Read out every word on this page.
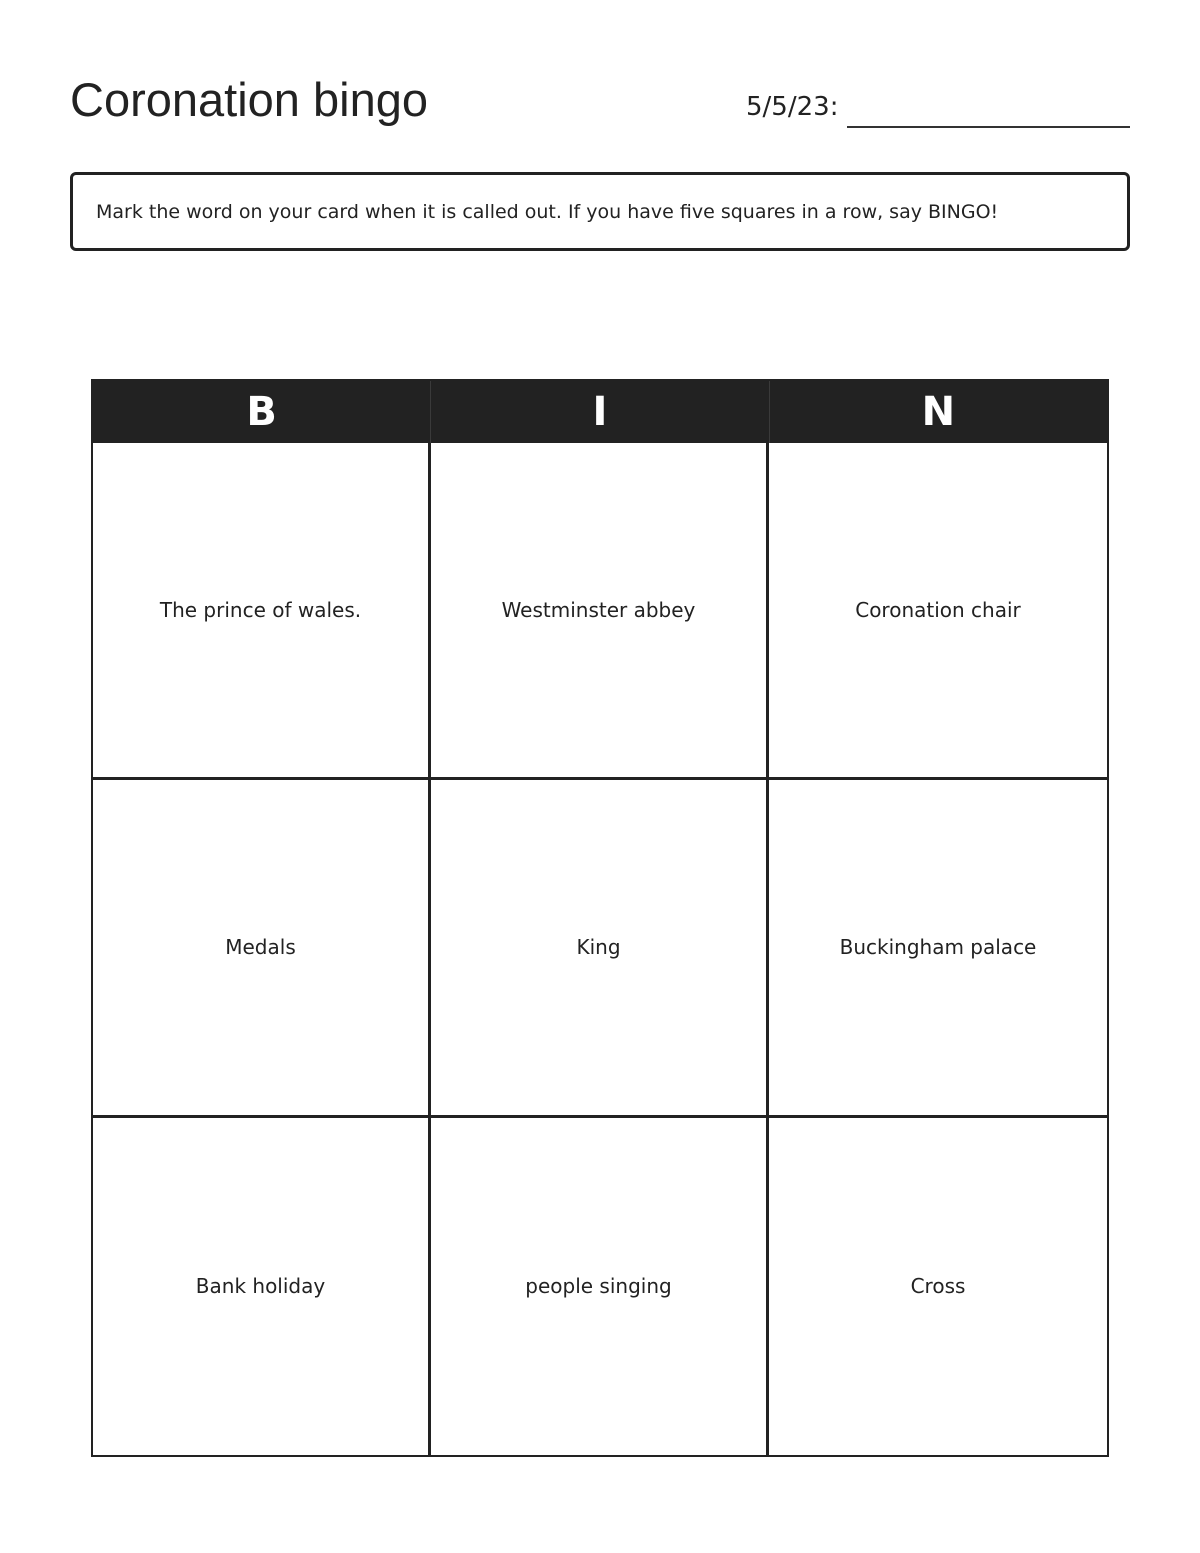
Coronation bingo	5/5/23:
Mark the word on your card when it is called out. If you have five squares in a row, say BINGO!
B	I	N
The prince of wales.	Westminster abbey	Coronation chair
Medals	King	Buckingham palace
Bank holiday	people singing	Cross
